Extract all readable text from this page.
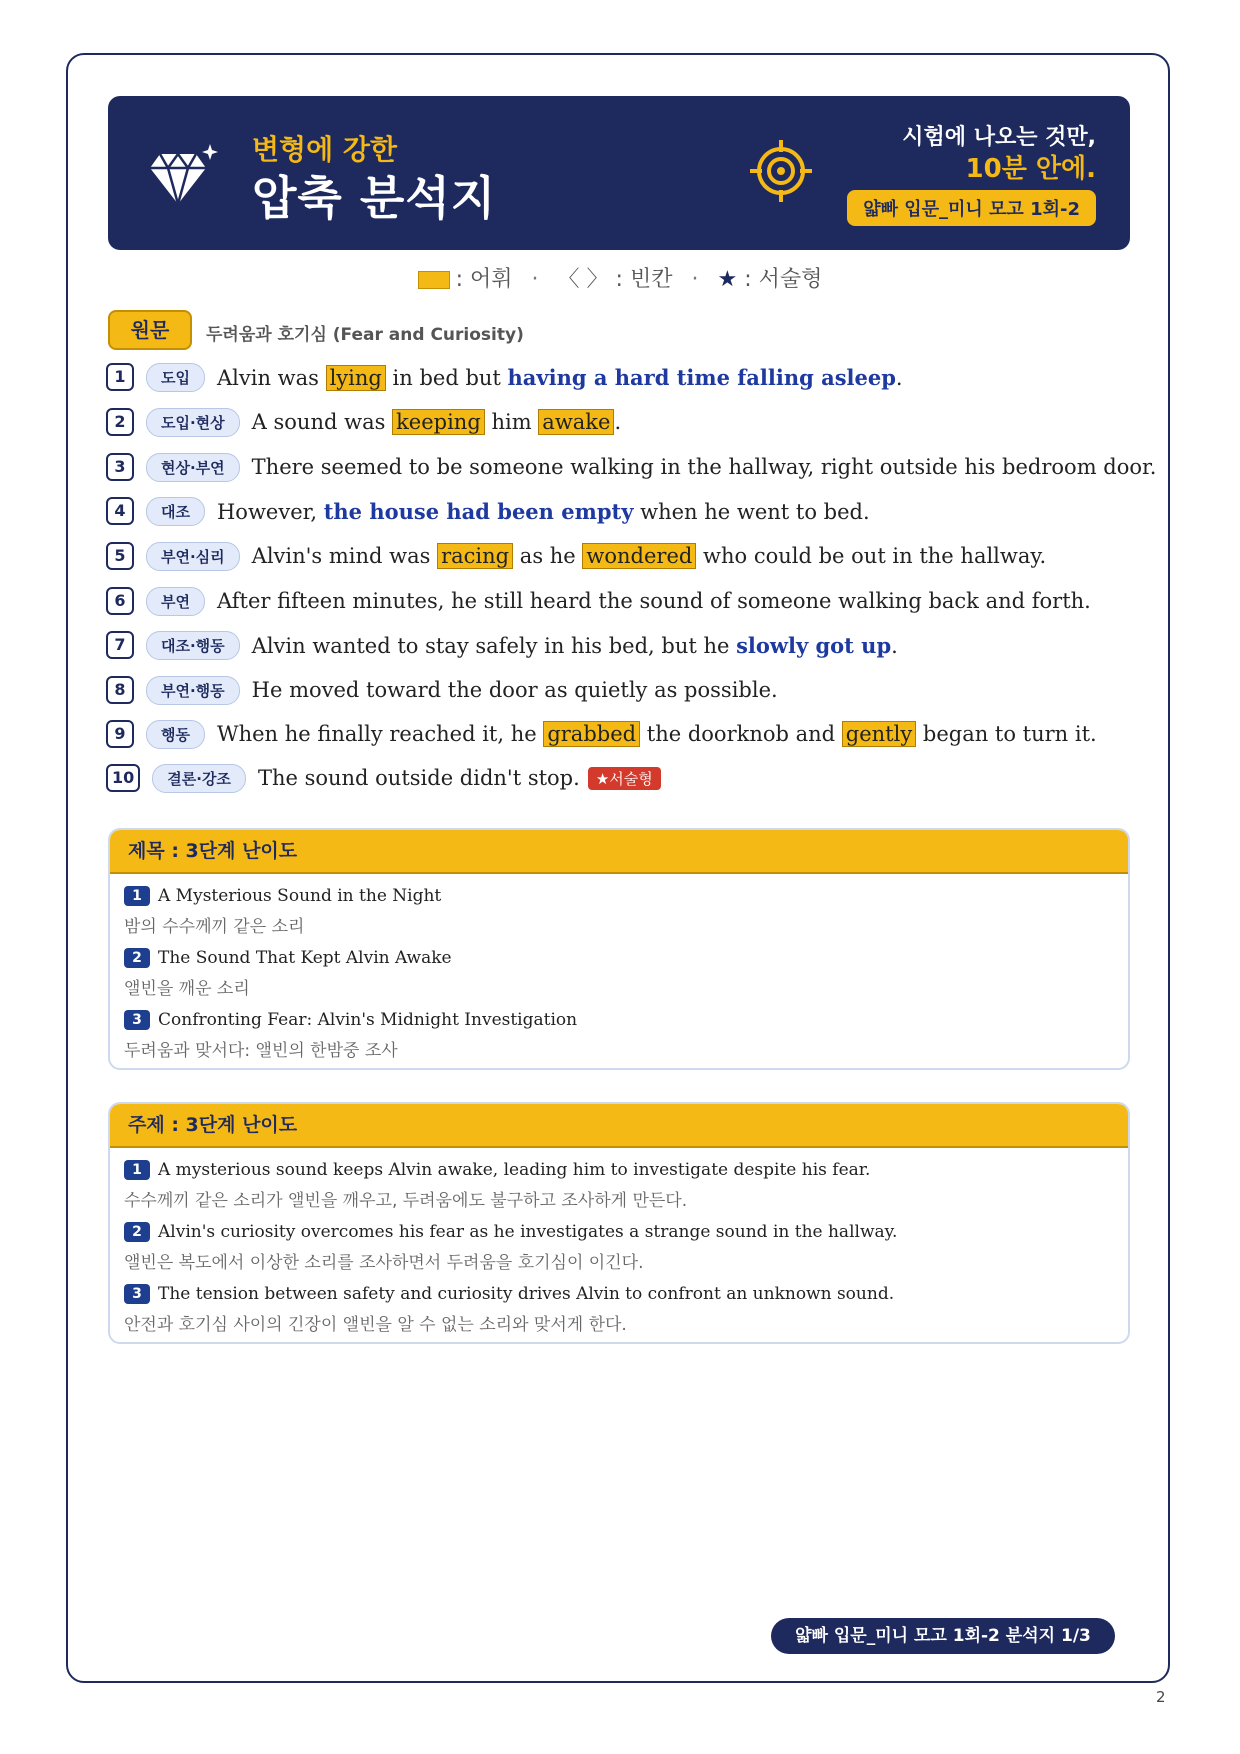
변형에 강한
압축 분석지
시험에 나오는 것만,
10분 안에.
얇빠 입문_미니 모고 1회-2
: 어휘 · 〈 〉 : 빈칸 · ★ : 서술형
원문	두려움과 호기심 (Fear and Curiosity)
1	도입	Alvin was lying in bed but having a hard time falling asleep.
2	도입·현상	A sound was keeping him awake .
3	현상·부연	There seemed to be someone walking in the hallway, right outside his bedroom door.
4	대조	However, the house had been empty when he went to bed.
5	부연·심리	Alvin's mind was racing as he wondered who could be out in the hallway.
6	부연	After fifteen minutes, he still heard the sound of someone walking back and forth.
7	대조·행동	Alvin wanted to stay safely in his bed, but he slowly got up.
8	부연·행동	He moved toward the door as quietly as possible.
9	행동	When he finally reached it, he grabbed the doorknob and gently began to turn it.
10	결론·강조	The sound outside didn't stop.	★서술형
제목 : 3단계 난이도
1 A Mysterious Sound in the Night
밤의 수수께끼 같은 소리
2 The Sound That Kept Alvin Awake
앨빈을 깨운 소리
3 Confronting Fear: Alvin's Midnight Investigation
두려움과 맞서다: 앨빈의 한밤중 조사
주제 : 3단계 난이도
1 A mysterious sound keeps Alvin awake, leading him to investigate despite his fear.
수수께끼 같은 소리가 앨빈을 깨우고, 두려움에도 불구하고 조사하게 만든다.
2 Alvin's curiosity overcomes his fear as he investigates a strange sound in the hallway.
앨빈은 복도에서 이상한 소리를 조사하면서 두려움을 호기심이 이긴다.
3 The tension between safety and curiosity drives Alvin to confront an unknown sound.
안전과 호기심 사이의 긴장이 앨빈을 알 수 없는 소리와 맞서게 한다.
얇빠 입문_미니 모고 1회-2 분석지 1/3
2
